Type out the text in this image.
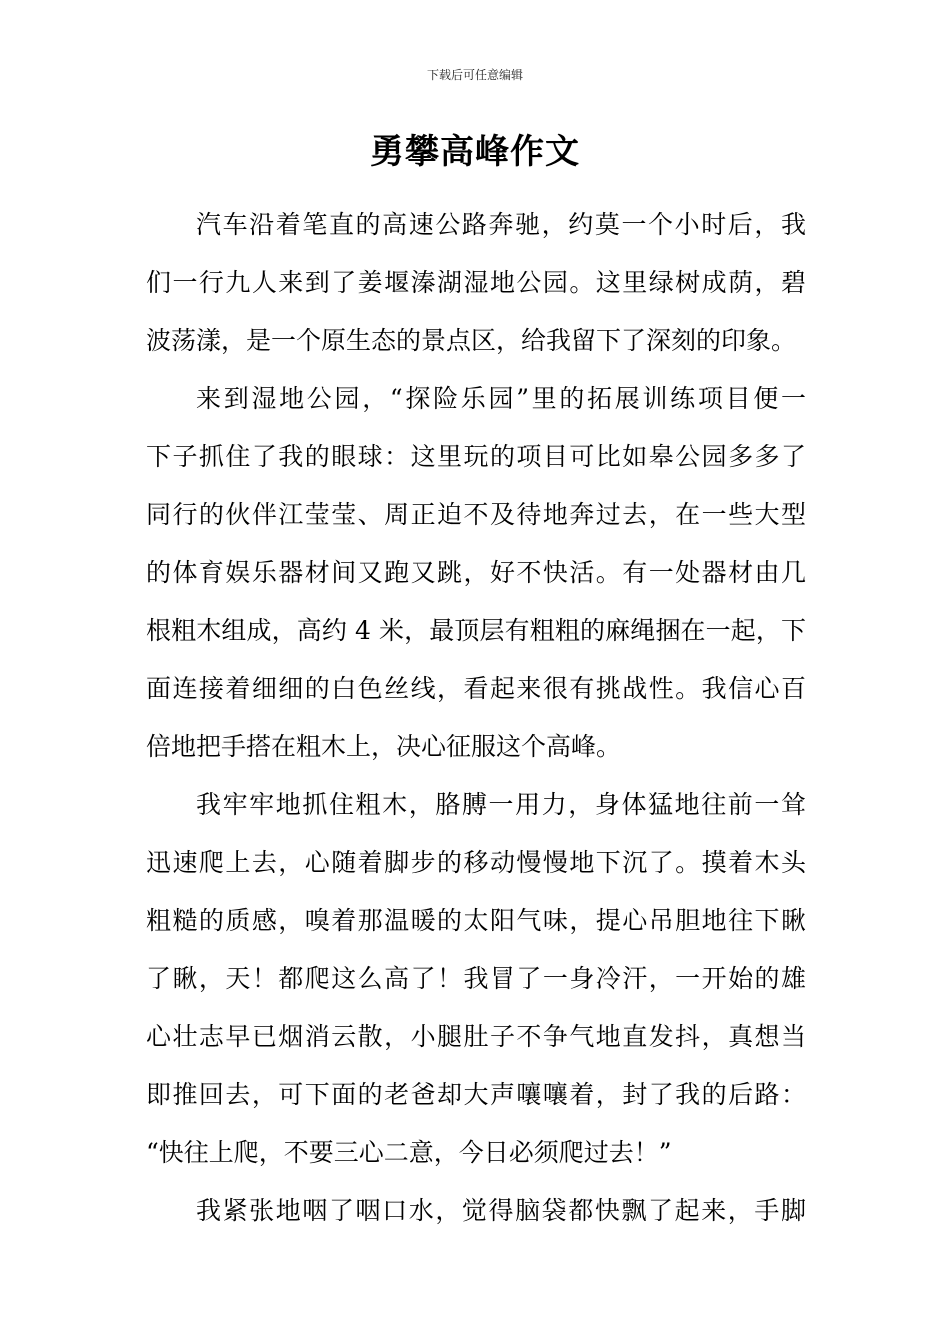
下载后可任意编辑
勇攀高峰作文
汽车沿着笔直的高速公路奔驰，约莫一个小时后，我
们一行九人来到了姜堰溱湖湿地公园。这里绿树成荫，碧
波荡漾，是一个原生态的景点区，给我留下了深刻的印象。
来到湿地公园，“探险乐园”里的拓展训练项目便一
下子抓住了我的眼球：这里玩的项目可比如皋公园多多了
同行的伙伴江莹莹、周正迫不及待地奔过去，在一些大型
的体育娱乐器材间又跑又跳，好不快活。有一处器材由几
根粗木组成，高约 4 米，最顶层有粗粗的麻绳捆在一起，下
面连接着细细的白色丝线，看起来很有挑战性。我信心百
倍地把手搭在粗木上，决心征服这个高峰。
我牢牢地抓住粗木，胳膊一用力，身体猛地往前一耸
迅速爬上去，心随着脚步的移动慢慢地下沉了。摸着木头
粗糙的质感，嗅着那温暖的太阳气味，提心吊胆地往下瞅
了瞅，天！都爬这么高了！我冒了一身冷汗，一开始的雄
心壮志早已烟消云散，小腿肚子不争气地直发抖，真想当
即推回去，可下面的老爸却大声嚷嚷着，封了我的后路：
“快往上爬，不要三心二意，今日必须爬过去！”
我紧张地咽了咽口水，觉得脑袋都快飘了起来，手脚
